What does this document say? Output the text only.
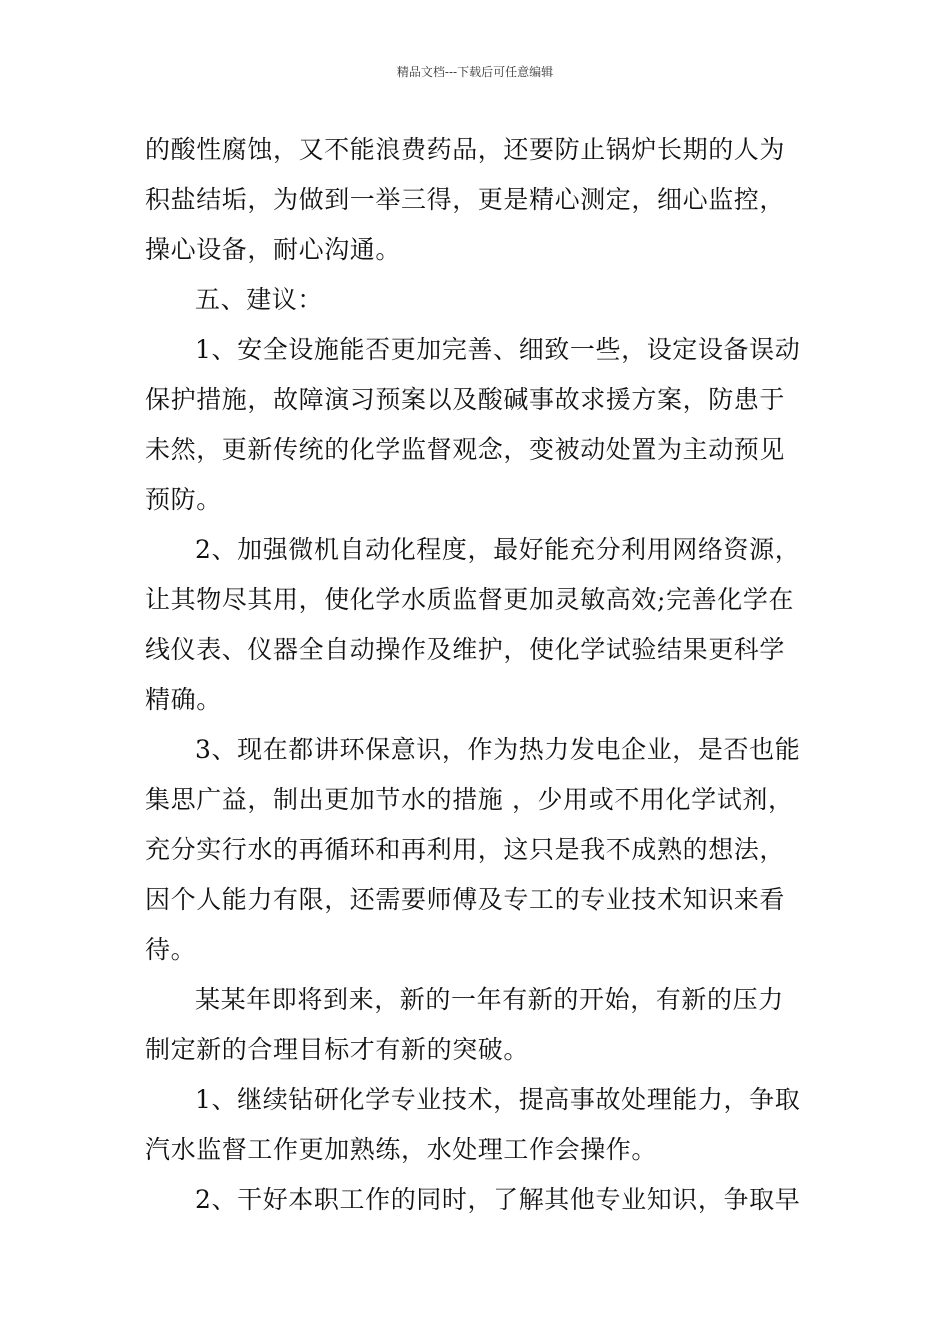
精品文档---下载后可任意编辑
的酸性腐蚀，又不能浪费药品，还要防止锅炉长期的人为
积盐结垢，为做到一举三得，更是精心测定，细心监控，
操心设备，耐心沟通。
五、建议：
1、安全设施能否更加完善、细致一些，设定设备误动
保护措施，故障演习预案以及酸碱事故求援方案，防患于
未然，更新传统的化学监督观念，变被动处置为主动预见
预防。
2、加强微机自动化程度，最好能充分利用网络资源，
让其物尽其用，使化学水质监督更加灵敏高效;完善化学在
线仪表、仪器全自动操作及维护，使化学试验结果更科学
精确。
3、现在都讲环保意识，作为热力发电企业，是否也能
集思广益，制出更加节水的措施 ，少用或不用化学试剂，
充分实行水的再循环和再利用，这只是我不成熟的想法，
因个人能力有限，还需要师傅及专工的专业技术知识来看
待。
某某年即将到来，新的一年有新的开始，有新的压力
制定新的合理目标才有新的突破。
1、继续钻研化学专业技术，提高事故处理能力，争取
汽水监督工作更加熟练，水处理工作会操作。
2、干好本职工作的同时，了解其他专业知识，争取早
